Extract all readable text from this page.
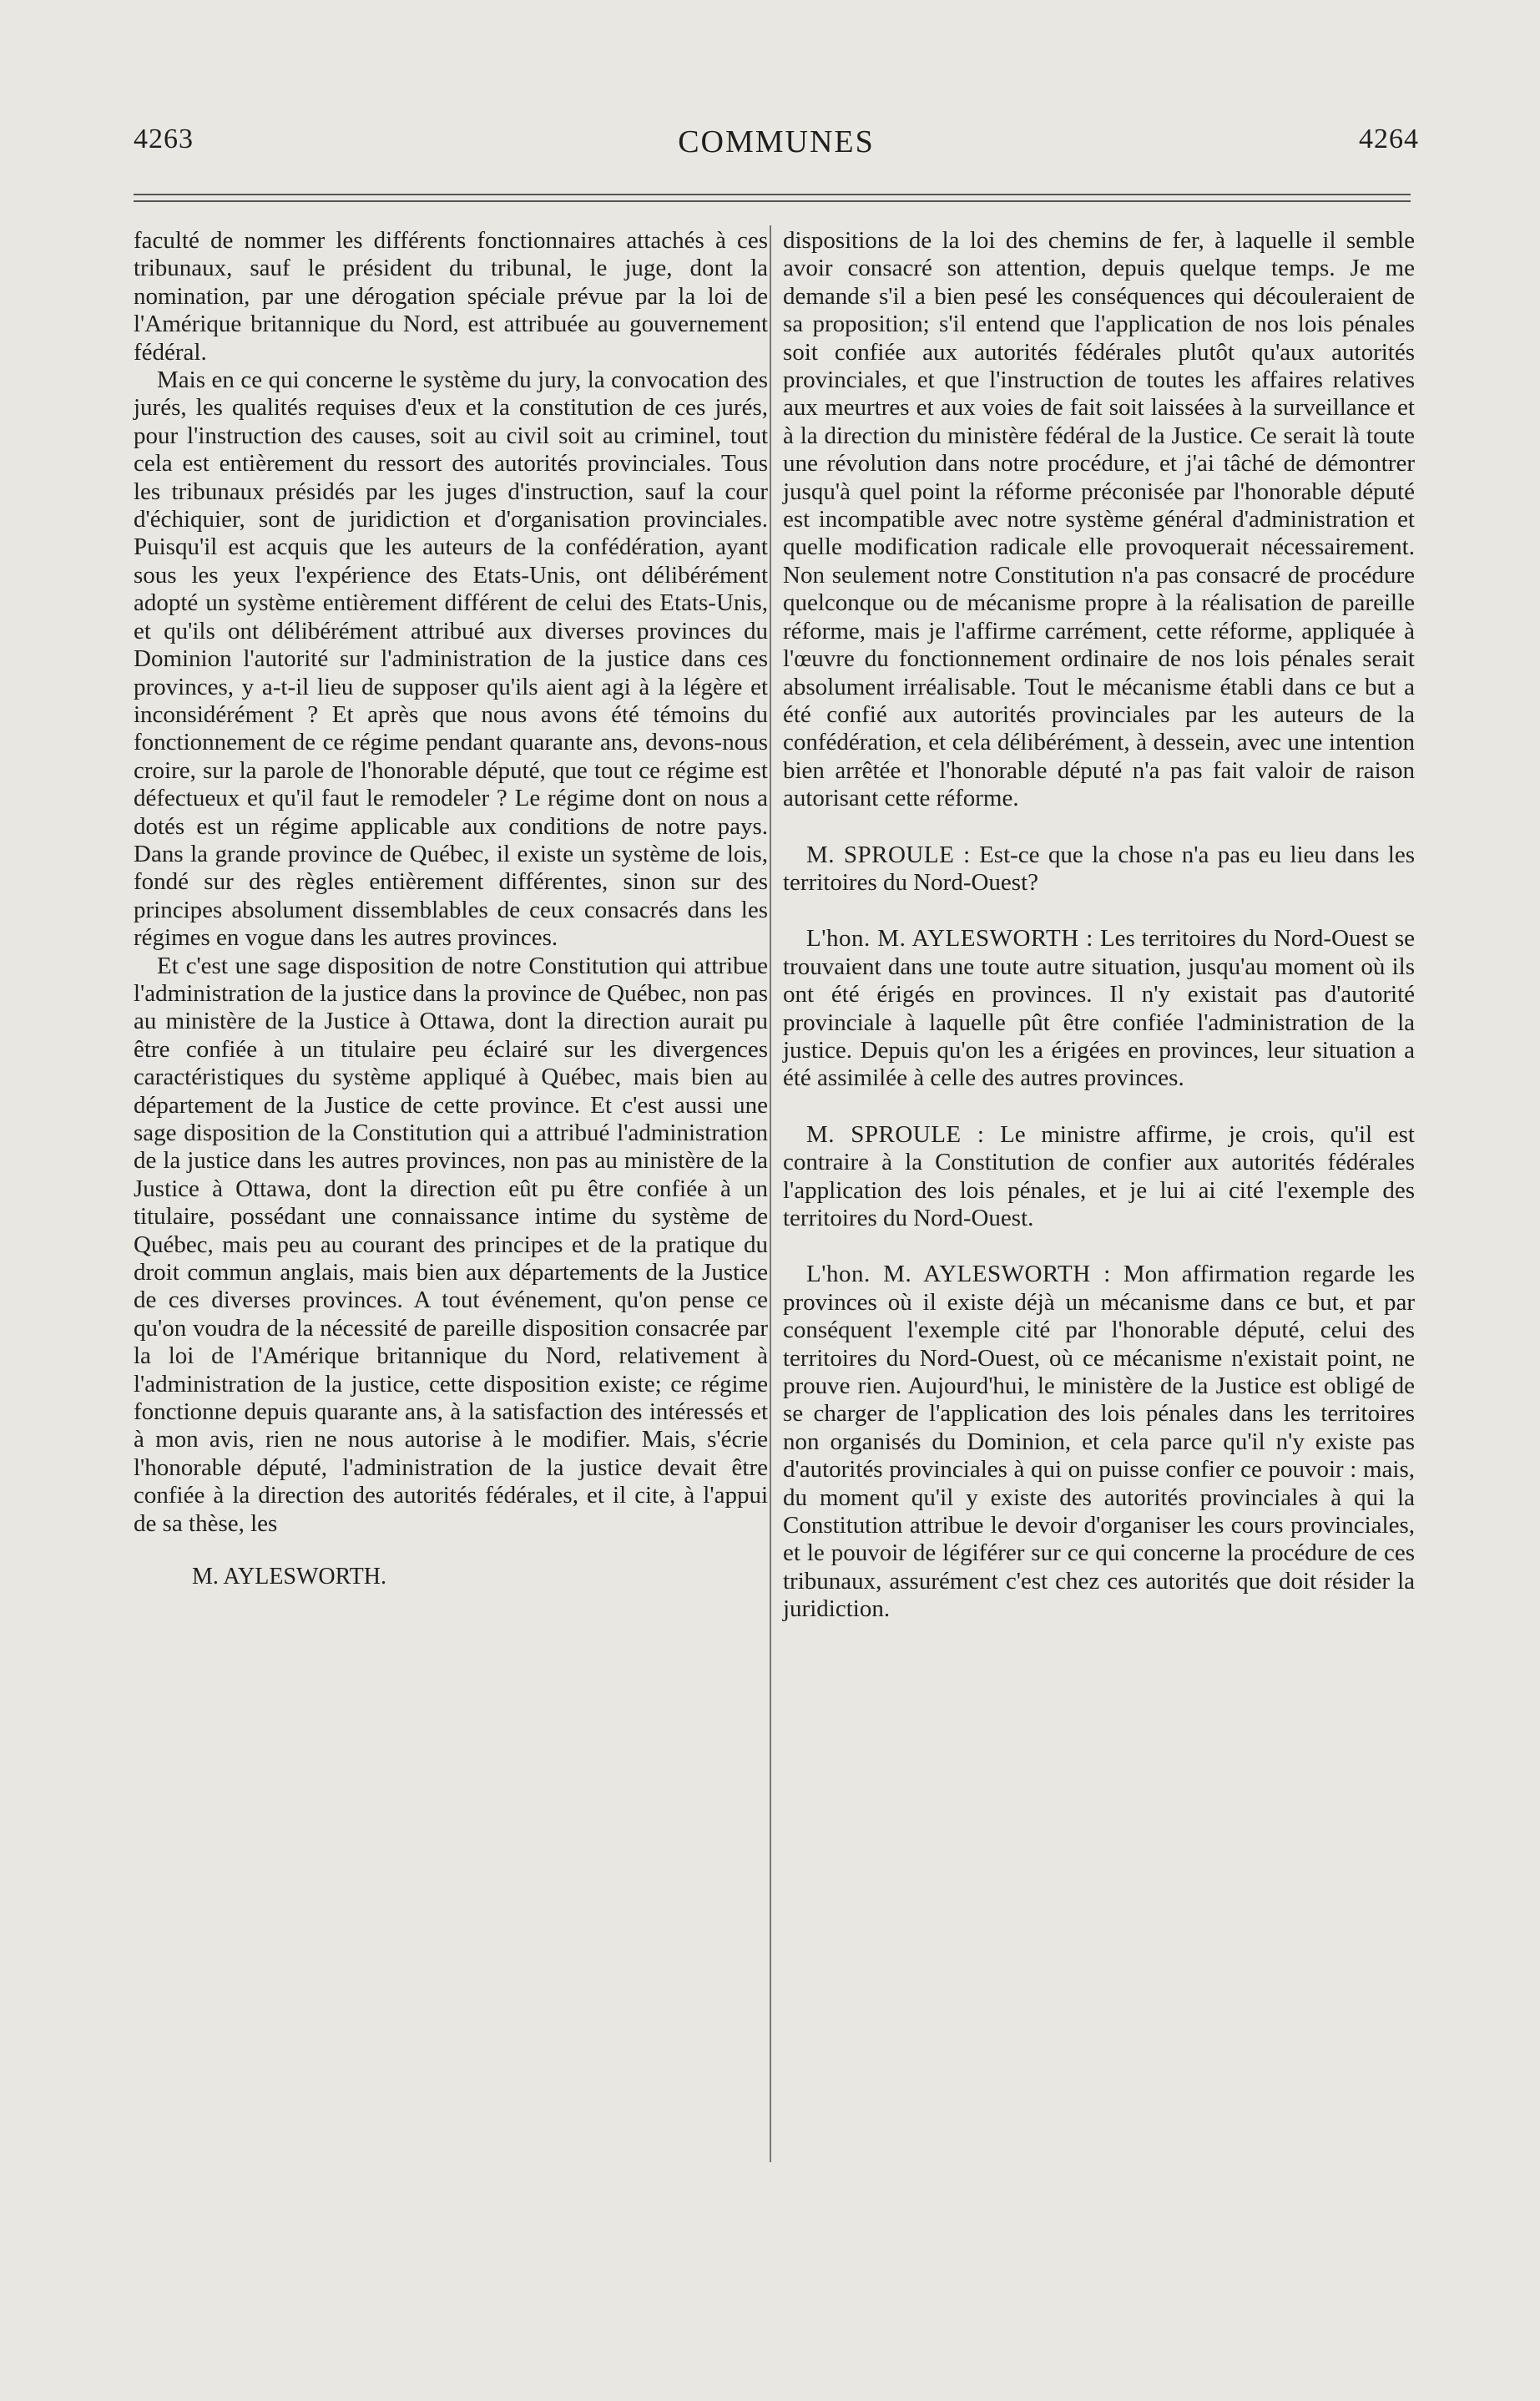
4263	COMMUNES	4264

faculté de nommer les différents fonctionnaires attachés à ces tribunaux, sauf le président du tribunal, le juge, dont la nomination, par une dérogation spéciale prévue par la loi de l'Amérique britannique du Nord, est attribuée au gouvernement fédéral.

Mais en ce qui concerne le système du jury, la convocation des jurés, les qualités requises d'eux et la constitution de ces jurés, pour l'instruction des causes, soit au civil soit au criminel, tout cela est entièrement du ressort des autorités provinciales. Tous les tribunaux présidés par les juges d'instruction, sauf la cour d'échiquier, sont de juridiction et d'organisation provinciales. Puisqu'il est acquis que les auteurs de la confédération, ayant sous les yeux l'expérience des Etats-Unis, ont délibérément adopté un système entièrement différent de celui des Etats-Unis, et qu'ils ont délibérément attribué aux diverses provinces du Dominion l'autorité sur l'administration de la justice dans ces provinces, y a-t-il lieu de supposer qu'ils aient agi à la légère et inconsidérément ? Et après que nous avons été témoins du fonctionnement de ce régime pendant quarante ans, devons-nous croire, sur la parole de l'honorable député, que tout ce régime est défectueux et qu'il faut le remodeler ? Le régime dont on nous a dotés est un régime applicable aux conditions de notre pays. Dans la grande province de Québec, il existe un système de lois, fondé sur des règles entièrement différentes, sinon sur des principes absolument dissemblables de ceux consacrés dans les régimes en vogue dans les autres provinces.

Et c'est une sage disposition de notre Constitution qui attribue l'administration de la justice dans la province de Québec, non pas au ministère de la Justice à Ottawa, dont la direction aurait pu être confiée à un titulaire peu éclairé sur les divergences caractéristiques du système appliqué à Québec, mais bien au département de la Justice de cette province. Et c'est aussi une sage disposition de la Constitution qui a attribué l'administration de la justice dans les autres provinces, non pas au ministère de la Justice à Ottawa, dont la direction eût pu être confiée à un titulaire, possédant une connaissance intime du système de Québec, mais peu au courant des principes et de la pratique du droit commun anglais, mais bien aux départements de la Justice de ces diverses provinces. A tout événement, qu'on pense ce qu'on voudra de la nécessité de pareille disposition consacrée par la loi de l'Amérique britannique du Nord, relativement à l'administration de la justice, cette disposition existe; ce régime fonctionne depuis quarante ans, à la satisfaction des intéressés et à mon avis, rien ne nous autorise à le modifier. Mais, s'écrie l'honorable député, l'administration de la justice devait être confiée à la direction des autorités fédérales, et il cite, à l'appui de sa thèse, les

M. AYLESWORTH.

dispositions de la loi des chemins de fer, à laquelle il semble avoir consacré son attention, depuis quelque temps. Je me demande s'il a bien pesé les conséquences qui découleraient de sa proposition; s'il entend que l'application de nos lois pénales soit confiée aux autorités fédérales plutôt qu'aux autorités provinciales, et que l'instruction de toutes les affaires relatives aux meurtres et aux voies de fait soit laissées à la surveillance et à la direction du ministère fédéral de la Justice. Ce serait là toute une révolution dans notre procédure, et j'ai tâché de démontrer jusqu'à quel point la réforme préconisée par l'honorable député est incompatible avec notre système général d'administration et quelle modification radicale elle provoquerait nécessairement. Non seulement notre Constitution n'a pas consacré de procédure quelconque ou de mécanisme propre à la réalisation de pareille réforme, mais je l'affirme carrément, cette réforme, appliquée à l'œuvre du fonctionnement ordinaire de nos lois pénales serait absolument irréalisable. Tout le mécanisme établi dans ce but a été confié aux autorités provinciales par les auteurs de la confédération, et cela délibérément, à dessein, avec une intention bien arrêtée et l'honorable député n'a pas fait valoir de raison autorisant cette réforme.

M. SPROULE : Est-ce que la chose n'a pas eu lieu dans les territoires du Nord-Ouest?

L'hon. M. AYLESWORTH : Les territoires du Nord-Ouest se trouvaient dans une toute autre situation, jusqu'au moment où ils ont été érigés en provinces. Il n'y existait pas d'autorité provinciale à laquelle pût être confiée l'administration de la justice. Depuis qu'on les a érigées en provinces, leur situation a été assimilée à celle des autres provinces.

M. SPROULE : Le ministre affirme, je crois, qu'il est contraire à la Constitution de confier aux autorités fédérales l'application des lois pénales, et je lui ai cité l'exemple des territoires du Nord-Ouest.

L'hon. M. AYLESWORTH : Mon affirmation regarde les provinces où il existe déjà un mécanisme dans ce but, et par conséquent l'exemple cité par l'honorable député, celui des territoires du Nord-Ouest, où ce mécanisme n'existait point, ne prouve rien. Aujourd'hui, le ministère de la Justice est obligé de se charger de l'application des lois pénales dans les territoires non organisés du Dominion, et cela parce qu'il n'y existe pas d'autorités provinciales à qui on puisse confier ce pouvoir : mais, du moment qu'il y existe des autorités provinciales à qui la Constitution attribue le devoir d'organiser les cours provinciales, et le pouvoir de légiférer sur ce qui concerne la procédure de ces tribunaux, assurément c'est chez ces autorités que doit résider la juridiction.
